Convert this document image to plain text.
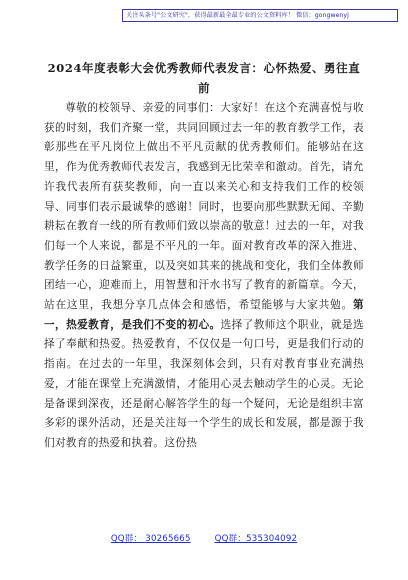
关注头条号"公文研究"，获得最新最全最专业的公文资料库！ 微信：gongwenyj
2024年度表彰大会优秀教师代表发言：心怀热爱、勇往直前

尊敬的校领导、亲爱的同事们：大家好！在这个充满喜悦与收获的时刻，我们齐聚一堂，共同回顾过去一年的教育教学工作，表彰那些在平凡岗位上做出不平凡贡献的优秀教师们。能够站在这里，作为优秀教师代表发言，我感到无比荣幸和激动。首先，请允许我代表所有获奖教师，向一直以来关心和支持我们工作的校领导、同事们表示最诚挚的感谢！同时，也要向那些默默无闻、辛勤耕耘在教育一线的所有教师们致以崇高的敬意！过去的一年，对我们每一个人来说，都是不平凡的一年。面对教育改革的深入推进、教学任务的日益繁重，以及突如其来的挑战和变化，我们全体教师团结一心，迎难而上，用智慧和汗水书写了教育的新篇章。今天，站在这里，我想分享几点体会和感悟，希望能够与大家共勉。第一，热爱教育，是我们不变的初心。选择了教师这个职业，就是选择了奉献和热爱。热爱教育，不仅仅是一句口号，更是我们行动的指南。在过去的一年里，我深刻体会到，只有对教育事业充满热爱，才能在课堂上充满激情，才能用心灵去触动学生的心灵。无论是备课到深夜，还是耐心解答学生的每一个疑问，无论是组织丰富多彩的课外活动，还是关注每一个学生的成长和发展，都是源于我们对教育的热爱和执着。这份热

QQ群： 30265665	QQ群：535304092
